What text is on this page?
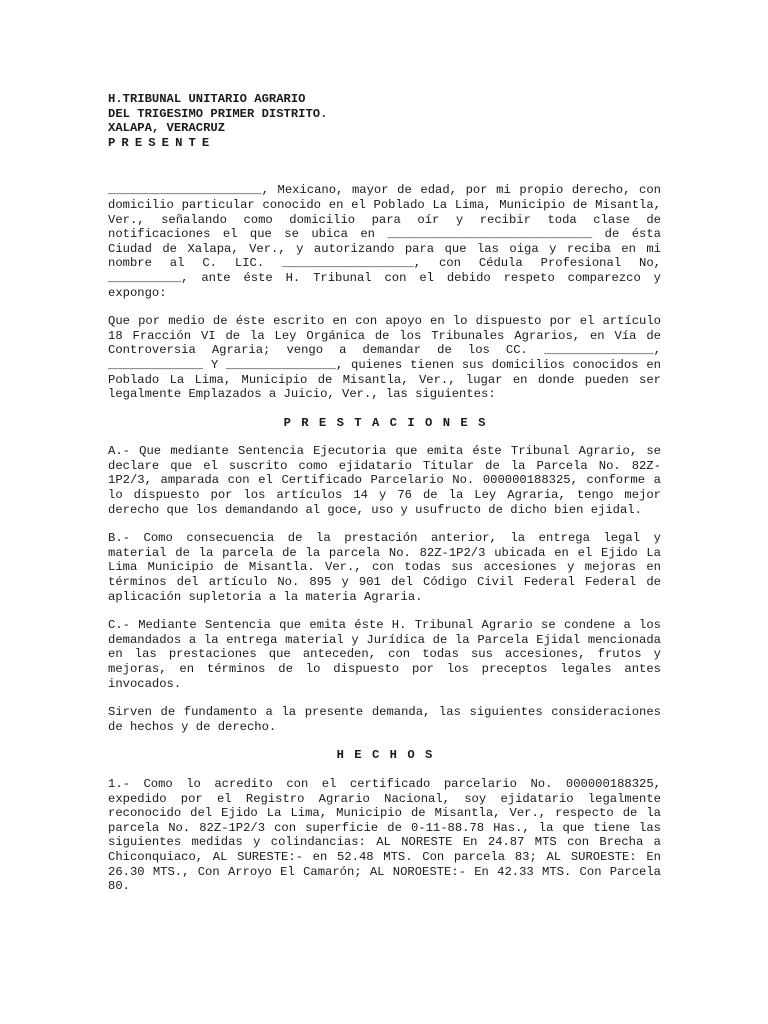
H.TRIBUNAL UNITARIO AGRARIO
DEL TRIGESIMO PRIMER DISTRITO.
XALAPA, VERACRUZ
PRESENTE

_____________________, Mexicano, mayor de edad, por mi propio derecho, con domicilio particular conocido en el Poblado La Lima, Municipio de Misantla, Ver., señalando como domicilio para oír y recibir toda clase de notificaciones el que se ubica en ____________________________ de ésta Ciudad de Xalapa, Ver., y autorizando para que las oiga y reciba en mi nombre al C. LIC. __________________, con Cédula Profesional No, __________, ante éste H. Tribunal con el debido respeto comparezco y expongo:

Que por medio de éste escrito en con apoyo en lo dispuesto por el artículo 18 Fracción VI de la Ley Orgánica de los Tribunales Agrarios, en Vía de Controversia Agraria; vengo a demandar de los CC. _______________, _____________ Y _______________, quienes tienen sus domicilios conocidos en Poblado La Lima, Municipio de Misantla, Ver., lugar en donde pueden ser legalmente Emplazados a Juicio, Ver., las siguientes:

PRESTACIONES

A.- Que mediante Sentencia Ejecutoria que emita éste Tribunal Agrario, se declare que el suscrito como ejidatario Titular de la Parcela No. 82Z-1P2/3, amparada con el Certificado Parcelario No. 000000188325, conforme a lo dispuesto por los artículos 14 y 76 de la Ley Agraria, tengo mejor derecho que los demandando al goce, uso y usufructo de dicho bien ejidal.

B.- Como consecuencia de la prestación anterior, la entrega legal y material de la parcela de la parcela No. 82Z-1P2/3 ubicada en el Ejido La Lima Municipio de Misantla. Ver., con todas sus accesiones y mejoras en términos del artículo No. 895 y 901 del Código Civil Federal Federal de aplicación supletoria a la materia Agraria.

C.- Mediante Sentencia que emita éste H. Tribunal Agrario se condene a los demandados a la entrega material y Jurídica de la Parcela Ejidal mencionada en las prestaciones que anteceden, con todas sus accesiones, frutos y mejoras, en términos de lo dispuesto por los preceptos legales antes invocados.

Sirven de fundamento a la presente demanda, las siguientes consideraciones de hechos y de derecho.

HECHOS

1.- Como lo acredito con el certificado parcelario No. 000000188325, expedido por el Registro Agrario Nacional, soy ejidatario legalmente reconocido del Ejido La Lima, Municipio de Misantla, Ver., respecto de la parcela No. 82Z-1P2/3 con superficie de 0-11-88.78 Has., la que tiene las siguientes medidas y colindancias: AL NORESTE En 24.87 MTS con Brecha a Chiconquiaco, AL SURESTE:- en 52.48 MTS. Con parcela 83; AL SUROESTE: En 26.30 MTS., Con Arroyo El Camarón; AL NOROESTE:- En 42.33 MTS. Con Parcela 80.
